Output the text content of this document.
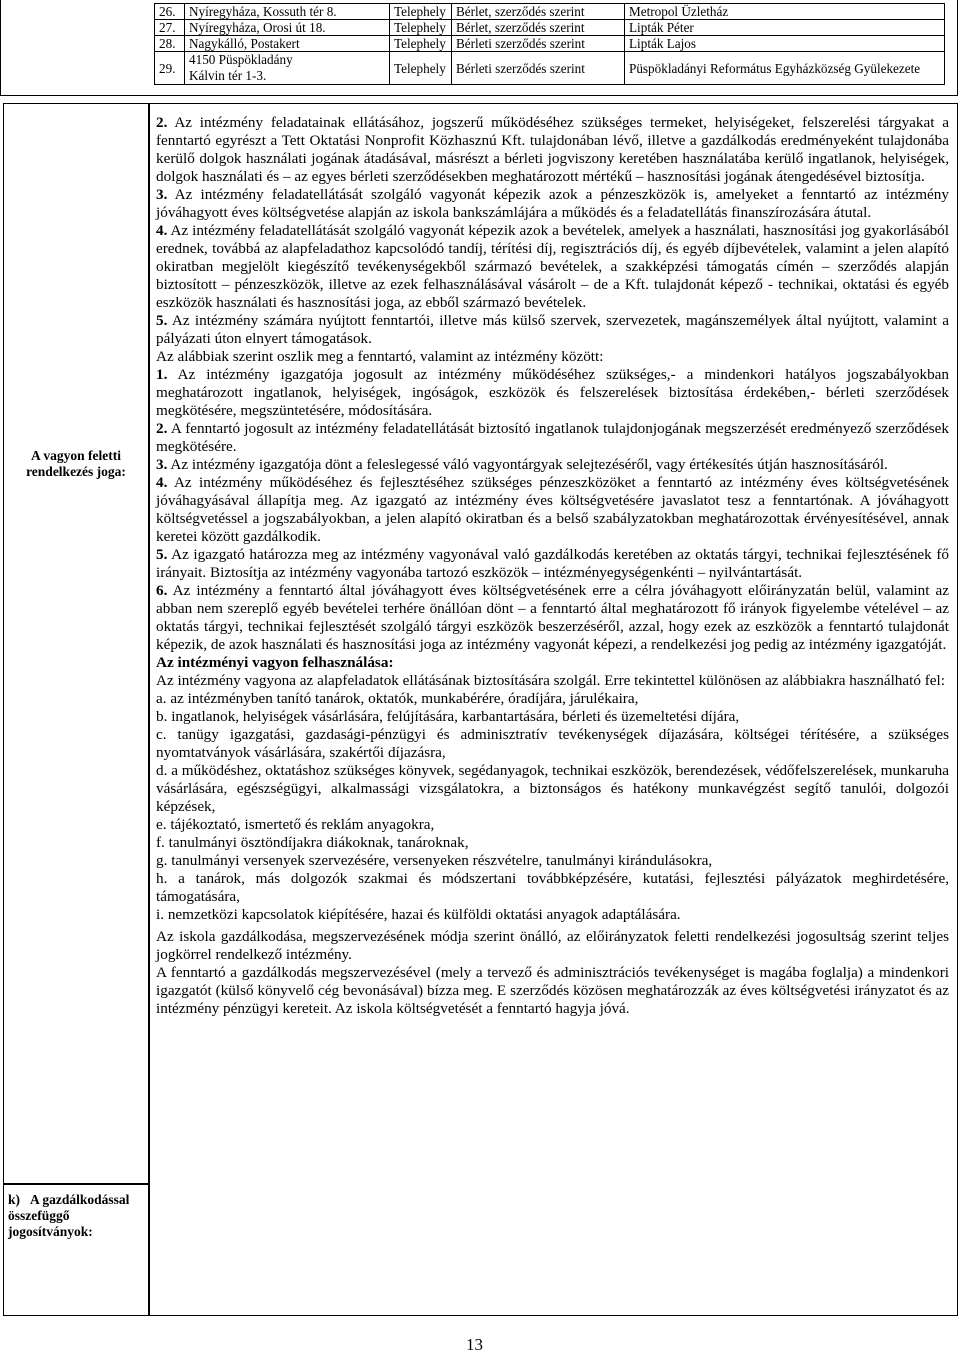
26.	Nyíregyháza, Kossuth tér 8.	Telephely	Bérlet, szerződés szerint	Metropol Üzletház
27.	Nyíregyháza, Orosi út 18.	Telephely	Bérlet, szerződés szerint	Lipták Péter
28.	Nagykálló, Postakert	Telephely	Bérleti szerződés szerint	Lipták Lajos
29.	4150 Püspökladány
Kálvin tér 1-3.	Telephely	Bérleti szerződés szerint	Püspökladányi Református Egyházközség Gyülekezete
A vagyon feletti rendelkezés joga:
k) A gazdálkodással összefüggő jogosítványok:

2. Az intézmény feladatainak ellátásához, jogszerű működéséhez szükséges termeket, helyiségeket, felszerelési tárgyakat a fenntartó egyrészt a Tett Oktatási Nonprofit Közhasznú Kft. tulajdonában lévő, illetve a gazdálkodás eredményeként tulajdonába kerülő dolgok használati jogának átadásával, másrészt a bérleti jogviszony keretében használatába kerülő ingatlanok, helyiségek, dolgok használati és – az egyes bérleti szerződésekben meghatározott mértékű – hasznosítási jogának átengedésével biztosítja.

3. Az intézmény feladatellátását szolgáló vagyonát képezik azok a pénzeszközök is, amelyeket a fenntartó az intézmény jóváhagyott éves költségvetése alapján az iskola bankszámlájára a működés és a feladatellátás finanszírozására átutal.

4. Az intézmény feladatellátását szolgáló vagyonát képezik azok a bevételek, amelyek a használati, hasznosítási jog gyakorlásából erednek, továbbá az alapfeladathoz kapcsolódó tandíj, térítési díj, regisztrációs díj, és egyéb díjbevételek, valamint a jelen alapító okiratban megjelölt kiegészítő tevékenységekből származó bevételek, a szakképzési támogatás címén – szerződés alapján biztosított – pénzeszközök, illetve az ezek felhasználásával vásárolt – de a Kft. tulajdonát képező - technikai, oktatási és egyéb eszközök használati és hasznosítási joga, az ebből származó bevételek.

5. Az intézmény számára nyújtott fenntartói, illetve más külső szervek, szervezetek, magánszemélyek által nyújtott, valamint a pályázati úton elnyert támogatások.

Az alábbiak szerint oszlik meg a fenntartó, valamint az intézmény között:

1. Az intézmény igazgatója jogosult az intézmény működéséhez szükséges,- a mindenkori hatályos jogszabályokban meghatározott ingatlanok, helyiségek, ingóságok, eszközök és felszerelések biztosítása érdekében,- bérleti szerződések megkötésére, megszüntetésére, módosítására.

2. A fenntartó jogosult az intézmény feladatellátását biztosító ingatlanok tulajdonjogának megszerzését eredményező szerződések megkötésére.

3. Az intézmény igazgatója dönt a feleslegessé váló vagyontárgyak selejtezéséről, vagy értékesítés útján hasznosításáról.

4. Az intézmény működéséhez és fejlesztéséhez szükséges pénzeszközöket a fenntartó az intézmény éves költségvetésének jóváhagyásával állapítja meg. Az igazgató az intézmény éves költségvetésére javaslatot tesz a fenntartónak. A jóváhagyott költségvetéssel a jogszabályokban, a jelen alapító okiratban és a belső szabályzatokban meghatározottak érvényesítésével, annak keretei között gazdálkodik.

5. Az igazgató határozza meg az intézmény vagyonával való gazdálkodás keretében az oktatás tárgyi, technikai fejlesztésének fő irányait. Biztosítja az intézmény vagyonába tartozó eszközök – intézményegységenkénti – nyilvántartását.

6. Az intézmény a fenntartó által jóváhagyott éves költségvetésének erre a célra jóváhagyott előirányzatán belül, valamint az abban nem szereplő egyéb bevételei terhére önállóan dönt – a fenntartó által meghatározott fő irányok figyelembe vételével – az oktatás tárgyi, technikai fejlesztését szolgáló tárgyi eszközök beszerzéséről, azzal, hogy ezek az eszközök a fenntartó tulajdonát képezik, de azok használati és hasznosítási joga az intézmény vagyonát képezi, a rendelkezési jog pedig az intézmény igazgatóját.

Az intézményi vagyon felhasználása:

Az intézmény vagyona az alapfeladatok ellátásának biztosítására szolgál. Erre tekintettel különösen az alábbiakra használható fel:

a. az intézményben tanító tanárok, oktatók, munkabérére, óradíjára, járulékaira,

b. ingatlanok, helyiségek vásárlására, felújítására, karbantartására, bérleti és üzemeltetési díjára,

c. tanügy igazgatási, gazdasági-pénzügyi és adminisztratív tevékenységek díjazására, költségei térítésére, a szükséges nyomtatványok vásárlására, szakértői díjazásra,

d. a működéshez, oktatáshoz szükséges könyvek, segédanyagok, technikai eszközök, berendezések, védőfelszerelések, munkaruha vásárlására, egészségügyi, alkalmassági vizsgálatokra, a biztonságos és hatékony munkavégzést segítő tanulói, dolgozói képzések,

e. tájékoztató, ismertető és reklám anyagokra,

f. tanulmányi ösztöndíjakra diákoknak, tanároknak,

g. tanulmányi versenyek szervezésére, versenyeken részvételre, tanulmányi kirándulásokra,

h. a tanárok, más dolgozók szakmai és módszertani továbbképzésére, kutatási, fejlesztési pályázatok meghirdetésére, támogatására,

i. nemzetközi kapcsolatok kiépítésére, hazai és külföldi oktatási anyagok adaptálására.

Az iskola gazdálkodása, megszervezésének módja szerint önálló, az előirányzatok feletti rendelkezési jogosultság szerint teljes jogkörrel rendelkező intézmény.

A fenntartó a gazdálkodás megszervezésével (mely a tervező és adminisztrációs tevékenységet is magába foglalja) a mindenkori igazgatót (külső könyvelő cég bevonásával) bízza meg. E szerződés közösen meghatározzák az éves költségvetési irányzatot és az intézmény pénzügyi kereteit. Az iskola költségvetését a fenntartó hagyja jóvá.

13
